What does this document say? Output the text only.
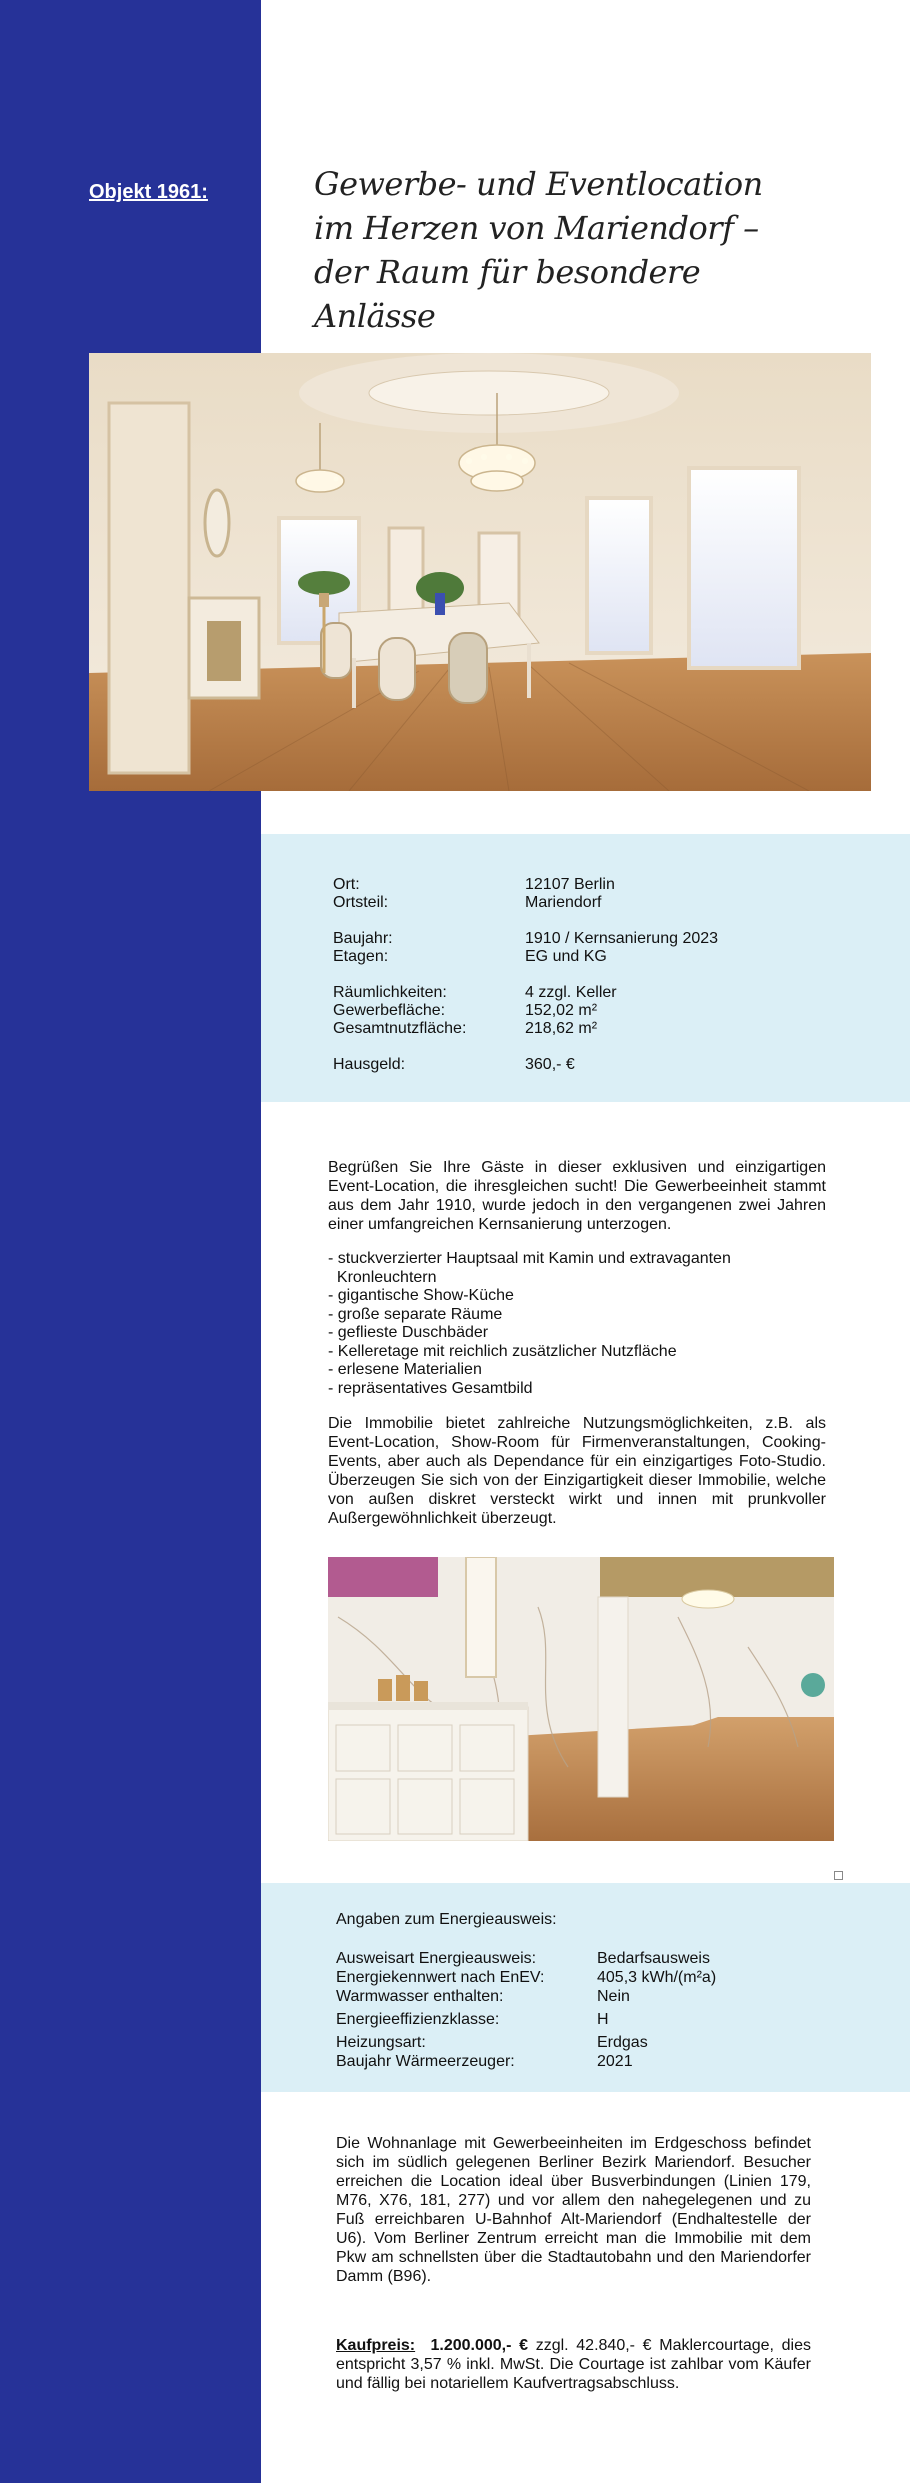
Objekt 1961:	Gewerbe- und Eventlocation im Herzen von Mariendorf – der Raum für besondere Anlässe
Ort:	12107 Berlin
Ortsteil:	Mariendorf
Baujahr:	1910 / Kernsanierung 2023
Etagen:	EG und KG
Räumlichkeiten:	4 zzgl. Keller
Gewerbefläche:	152,02 m²
Gesamtnutzfläche:	218,62 m²
Hausgeld:	360,- €
Begrüßen Sie Ihre Gäste in dieser exklusiven und einzigartigen Event-Location, die ihresgleichen sucht! Die Gewerbeeinheit stammt aus dem Jahr 1910, wurde jedoch in den vergangenen zwei Jahren einer umfangreichen Kernsanierung unterzogen.
- stuckverzierter Hauptsaal mit Kamin und extravaganten
Kronleuchtern
- gigantische Show-Küche
- große separate Räume
- geflieste Duschbäder
- Kelleretage mit reichlich zusätzlicher Nutzfläche
- erlesene Materialien
- repräsentatives Gesamtbild
Die Immobilie bietet zahlreiche Nutzungsmöglichkeiten, z.B. als Event-Location, Show-Room für Firmenveranstaltungen, Cooking-Events, aber auch als Dependance für ein einzigartiges Foto-Studio. Überzeugen Sie sich von der Einzigartigkeit dieser Immobilie, welche von außen diskret versteckt wirkt und innen mit prunkvoller Außergewöhnlichkeit überzeugt.
Angaben zum Energieausweis:
Ausweisart Energieausweis:	Bedarfsausweis
Energiekennwert nach EnEV:	405,3 kWh/(m²a)
Warmwasser enthalten:	Nein
Energieeffizienzklasse:	H
Heizungsart:	Erdgas
Baujahr Wärmeerzeuger:	2021
Die Wohnanlage mit Gewerbeeinheiten im Erdgeschoss befindet sich im südlich gelegenen Berliner Bezirk Mariendorf. Besucher erreichen die Location ideal über Busverbindungen (Linien 179, M76, X76, 181, 277) und vor allem den nahegelegenen und zu Fuß erreichbaren U-Bahnhof Alt-Mariendorf (Endhaltestelle der U6). Vom Berliner Zentrum erreicht man die Immobilie mit dem Pkw am schnellsten über die Stadtautobahn und den Mariendorfer Damm (B96).
Kaufpreis: 1.200.000,- € zzgl. 42.840,- € Maklercourtage, dies entspricht 3,57 % inkl. MwSt. Die Courtage ist zahlbar vom Käufer und fällig bei notariellem Kaufvertragsabschluss.
